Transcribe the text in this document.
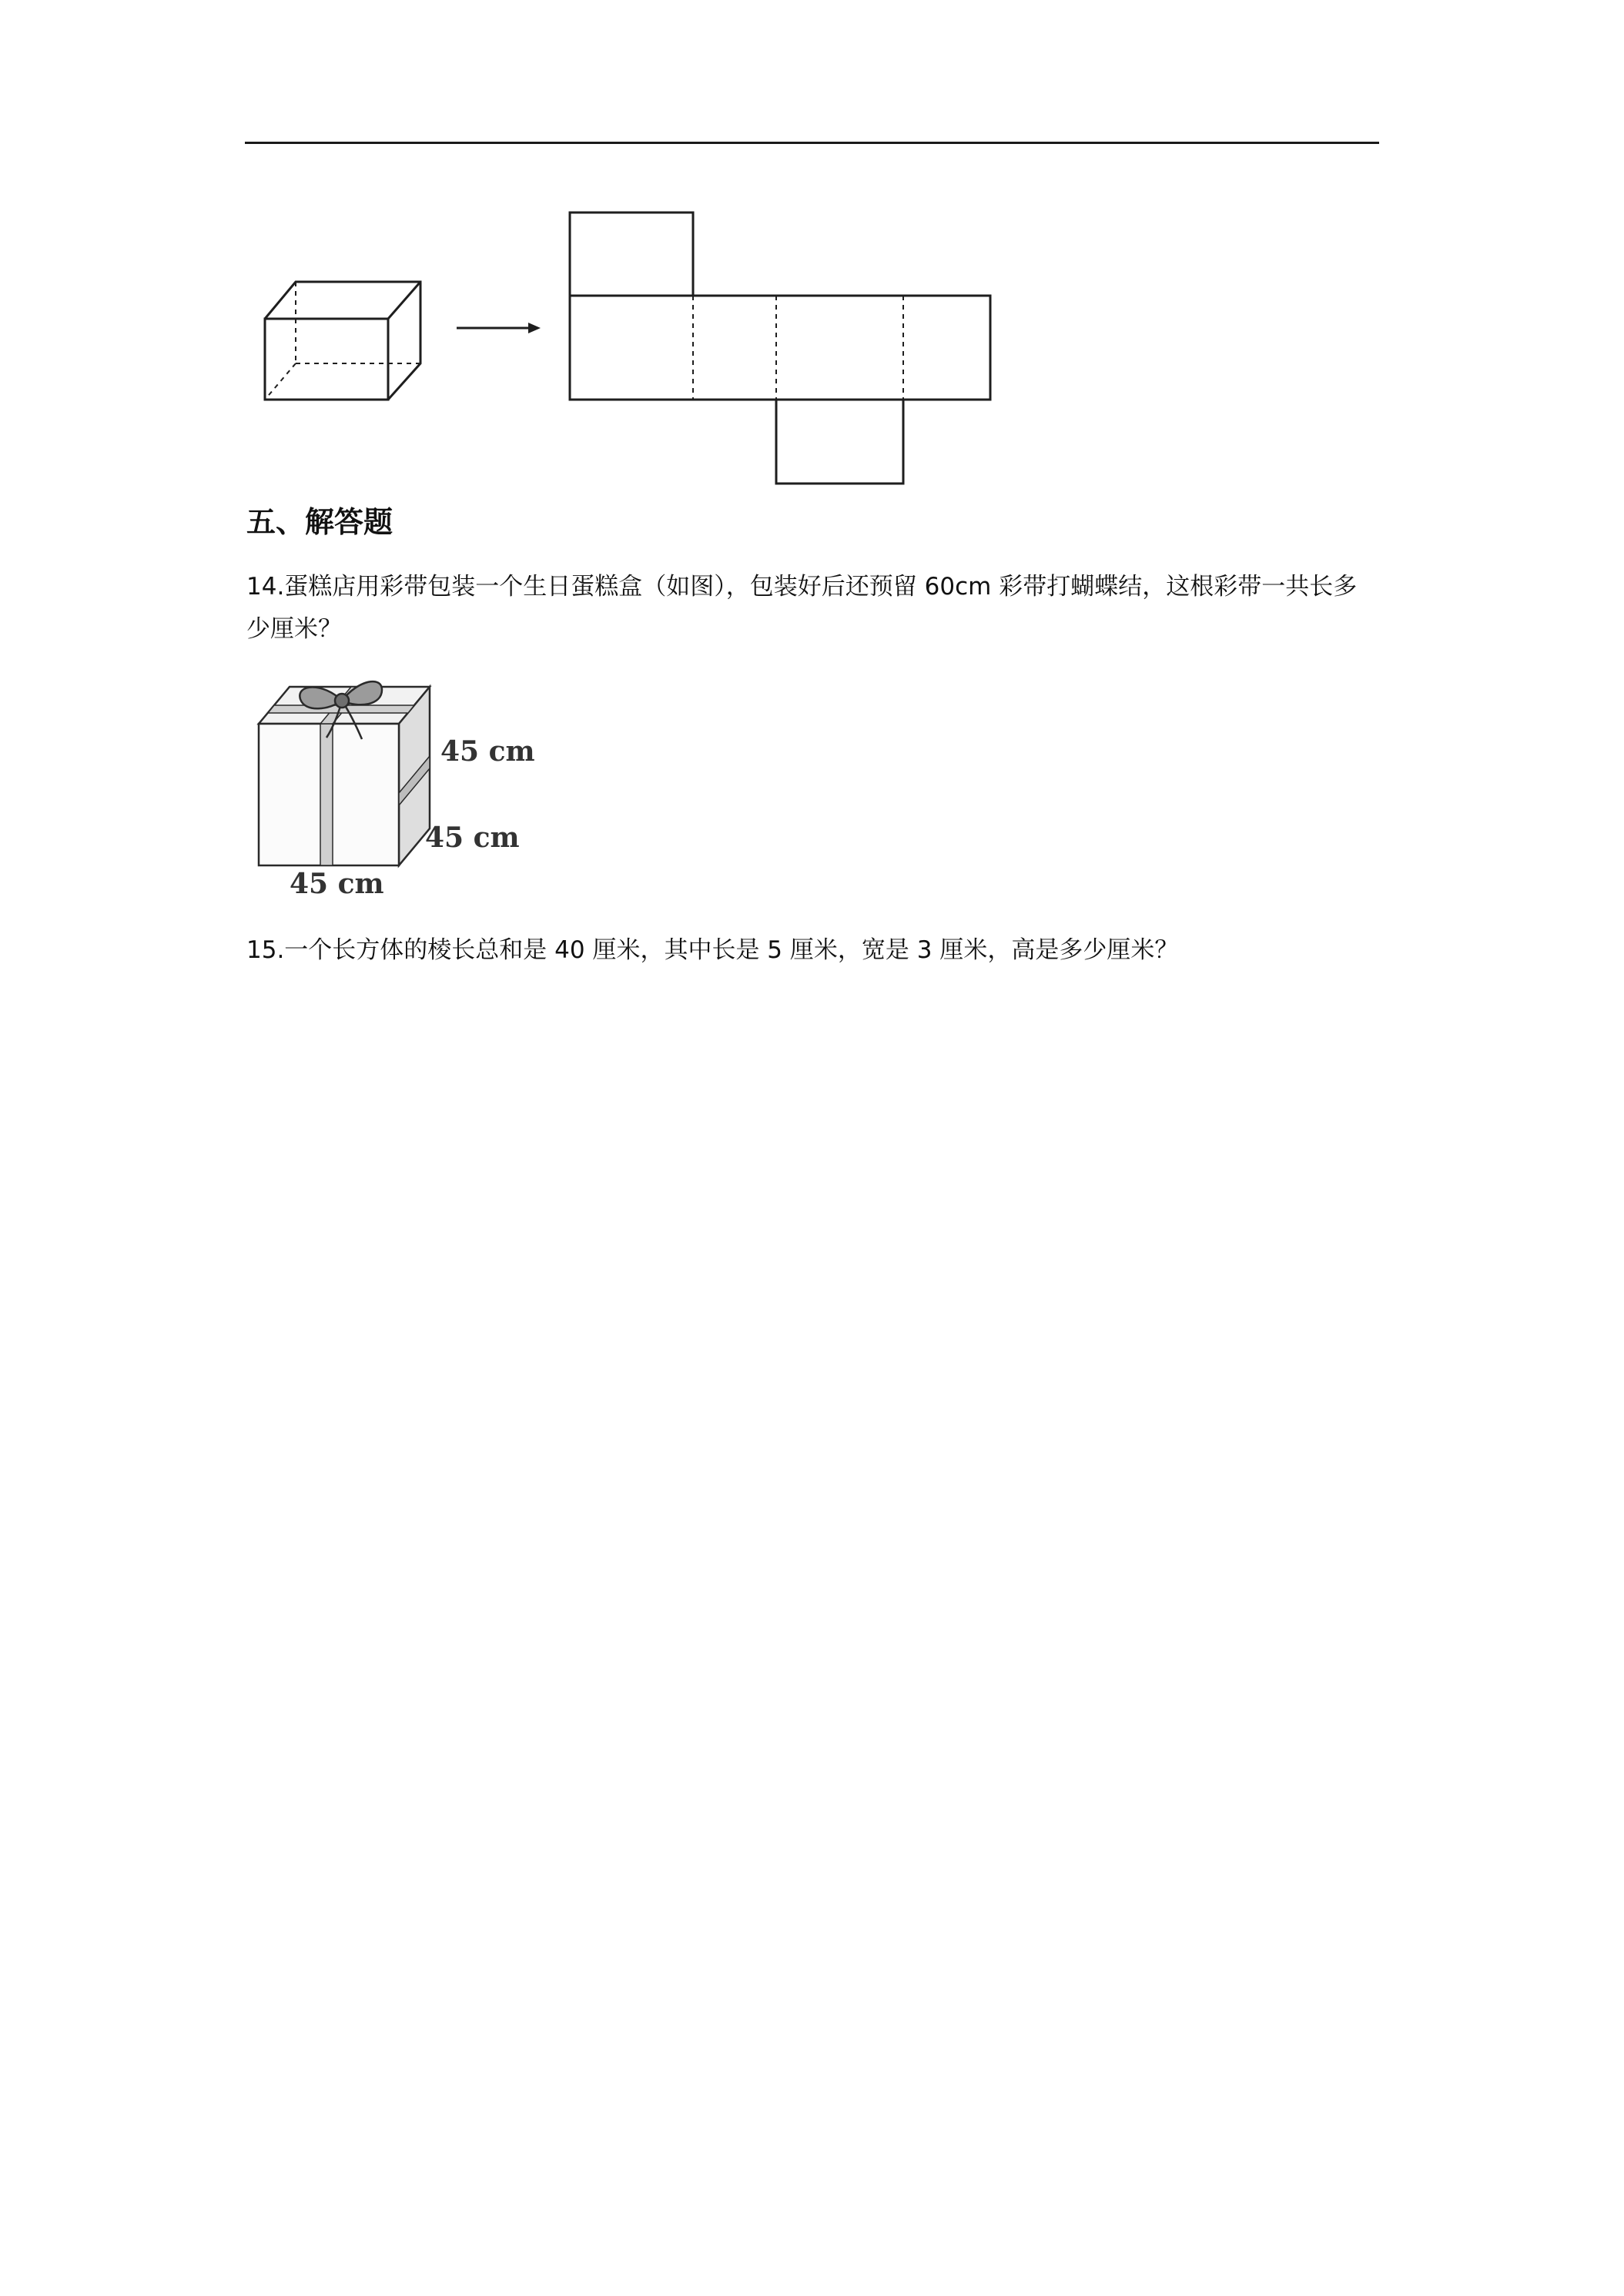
五、解答题
14.蛋糕店用彩带包装一个生日蛋糕盒（如图），包装好后还预留 60cm 彩带打蝴蝶结，这根彩带一共长多少厘米？
45 cm
45 cm
45 cm
15.一个长方体的棱长总和是 40 厘米，其中长是 5 厘米，宽是 3 厘米，高是多少厘米？
